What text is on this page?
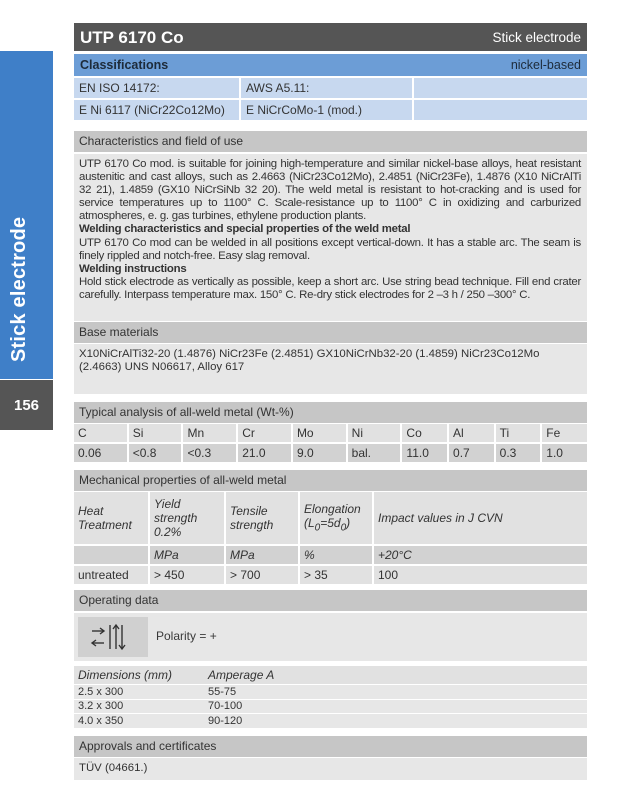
Stick electrode
156
UTP 6170 Co	Stick electrode
Classifications	nickel-based
EN ISO 14172:	AWS A5.11:
E Ni 6117 (NiCr22Co12Mo)	E NiCrCoMo-1 (mod.)
Characteristics and field of use
UTP 6170 Co mod. is suitable for joining high-temperature and similar nickel-base alloys, heat resistant austenitic and cast alloys, such as 2.4663 (NiCr23Co12Mo), 2.4851 (NiCr23Fe), 1.4876 (X10 NiCrAlTi 32 21), 1.4859 (GX10 NiCrSiNb 32 20). The weld metal is resistant to hot-cracking and is used for service temperatures up to 1100° C. Scale-resistance up to 1100° C in oxidizing and carburized atmospheres, e. g. gas turbines, ethylene production plants.
Welding characteristics and special properties of the weld metal
UTP 6170 Co mod can be welded in all positions except vertical-down. It has a stable arc. The seam is finely rippled and notch-free. Easy slag removal.
Welding instructions
Hold stick electrode as vertically as possible, keep a short arc. Use string bead technique. Fill end crater carefully. Interpass temperature max. 150° C. Re-dry stick electrodes for 2 –3 h / 250 –300° C.
Base materials
X10NiCrAlTi32-20 (1.4876) NiCr23Fe (2.4851) GX10NiCrNb32-20 (1.4859) NiCr23Co12Mo (2.4663) UNS N06617, Alloy 617
Typical analysis of all-weld metal (Wt-%)
C	Si	Mn	Cr	Mo	Ni	Co	Al	Ti	Fe
0.06	<0.8	<0.3	21.0	9.0	bal.	11.0	0.7	0.3	1.0
Mechanical properties of all-weld metal
Heat Treatment	Yield strength 0.2%	Tensile strength	Elongation $(L_0=5d_0)$	Impact values in J CVN
	MPa	MPa	%	+20°C
untreated	> 450	> 700	> 35	100
Operating data
Polarity = +
Dimensions (mm)	Amperage A
2.5 x 300	55-75
3.2 x 300	70-100
4.0 x 350	90-120
Approvals and certificates
TÜV (04661.)
